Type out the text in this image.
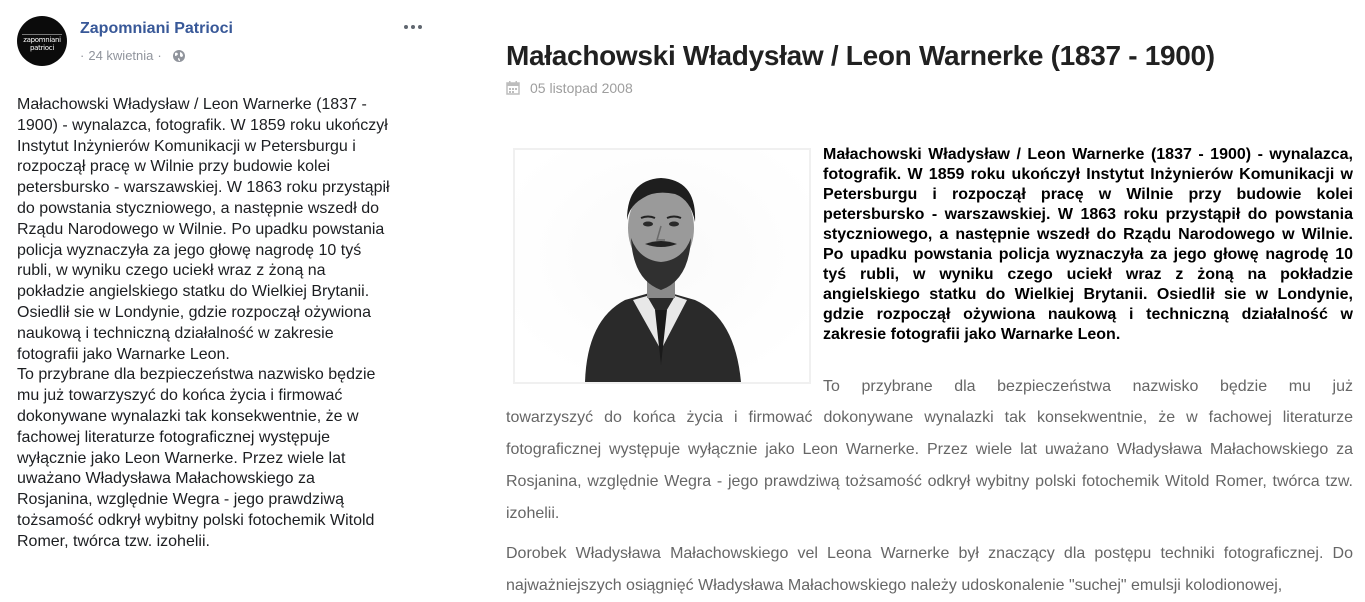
zapomniani patrioci
Zapomniani Patrioci
· 24 kwietnia ·

Małachowski Władysław / Leon Warnerke (1837 -

1900) - wynalazca, fotografik. W 1859 roku ukończył

Instytut Inżynierów Komunikacji w Petersburgu i

rozpoczął pracę w Wilnie przy budowie kolei

petersbursko - warszawskiej. W 1863 roku przystąpił

do powstania styczniowego, a następnie wszedł do

Rządu Narodowego w Wilnie. Po upadku powstania

policja wyznaczyła za jego głowę nagrodę 10 tyś

rubli, w wyniku czego uciekł wraz z żoną na

pokładzie angielskiego statku do Wielkiej Brytanii.

Osiedlił sie w Londynie, gdzie rozpoczął ożywiona

naukową i techniczną działalność w zakresie

fotografii jako Warnarke Leon.

To przybrane dla bezpieczeństwa nazwisko będzie

mu już towarzyszyć do końca życia i firmować

dokonywane wynalazki tak konsekwentnie, że w

fachowej literaturze fotograficznej występuje

wyłącznie jako Leon Warnerke. Przez wiele lat

uważano Władysława Małachowskiego za

Rosjanina, względnie Wegra - jego prawdziwą

tożsamość odkrył wybitny polski fotochemik Witold

Romer, twórca tzw. izohelii.

Małachowski Władysław / Leon Warnerke (1837 - 1900)
05 listopad 2008
Małachowski Władysław / Leon Warnerke (1837 - 1900) - wynalazca, fotografik. W 1859 roku ukończył Instytut Inżynierów Komunikacji w Petersburgu i rozpoczął pracę w Wilnie przy budowie kolei petersbursko - warszawskiej. W 1863 roku przystąpił do powstania styczniowego, a następnie wszedł do Rządu Narodowego w Wilnie. Po upadku powstania policja wyznaczyła za jego głowę nagrodę 10 tyś rubli, w wyniku czego uciekł wraz z żoną na pokładzie angielskiego statku do Wielkiej Brytanii. Osiedlił sie w Londynie, gdzie rozpoczął ożywiona naukową i techniczną działalność w zakresie fotografii jako Warnarke Leon.
To przybrane dla bezpieczeństwa nazwisko będzie mu już
towarzyszyć do końca życia i firmować dokonywane wynalazki tak konsekwentnie, że w fachowej literaturze fotograficznej występuje wyłącznie jako Leon Warnerke. Przez wiele lat uważano Władysława Małachowskiego za Rosjanina, względnie Wegra - jego prawdziwą tożsamość odkrył wybitny polski fotochemik Witold Romer, twórca tzw. izohelii.
Dorobek Władysława Małachowskiego vel Leona Warnerke był znaczący dla postępu techniki fotograficznej. Do najważniejszych osiągnięć Władysława Małachowskiego należy udoskonalenie "suchej" emulsji kolodionowej,
